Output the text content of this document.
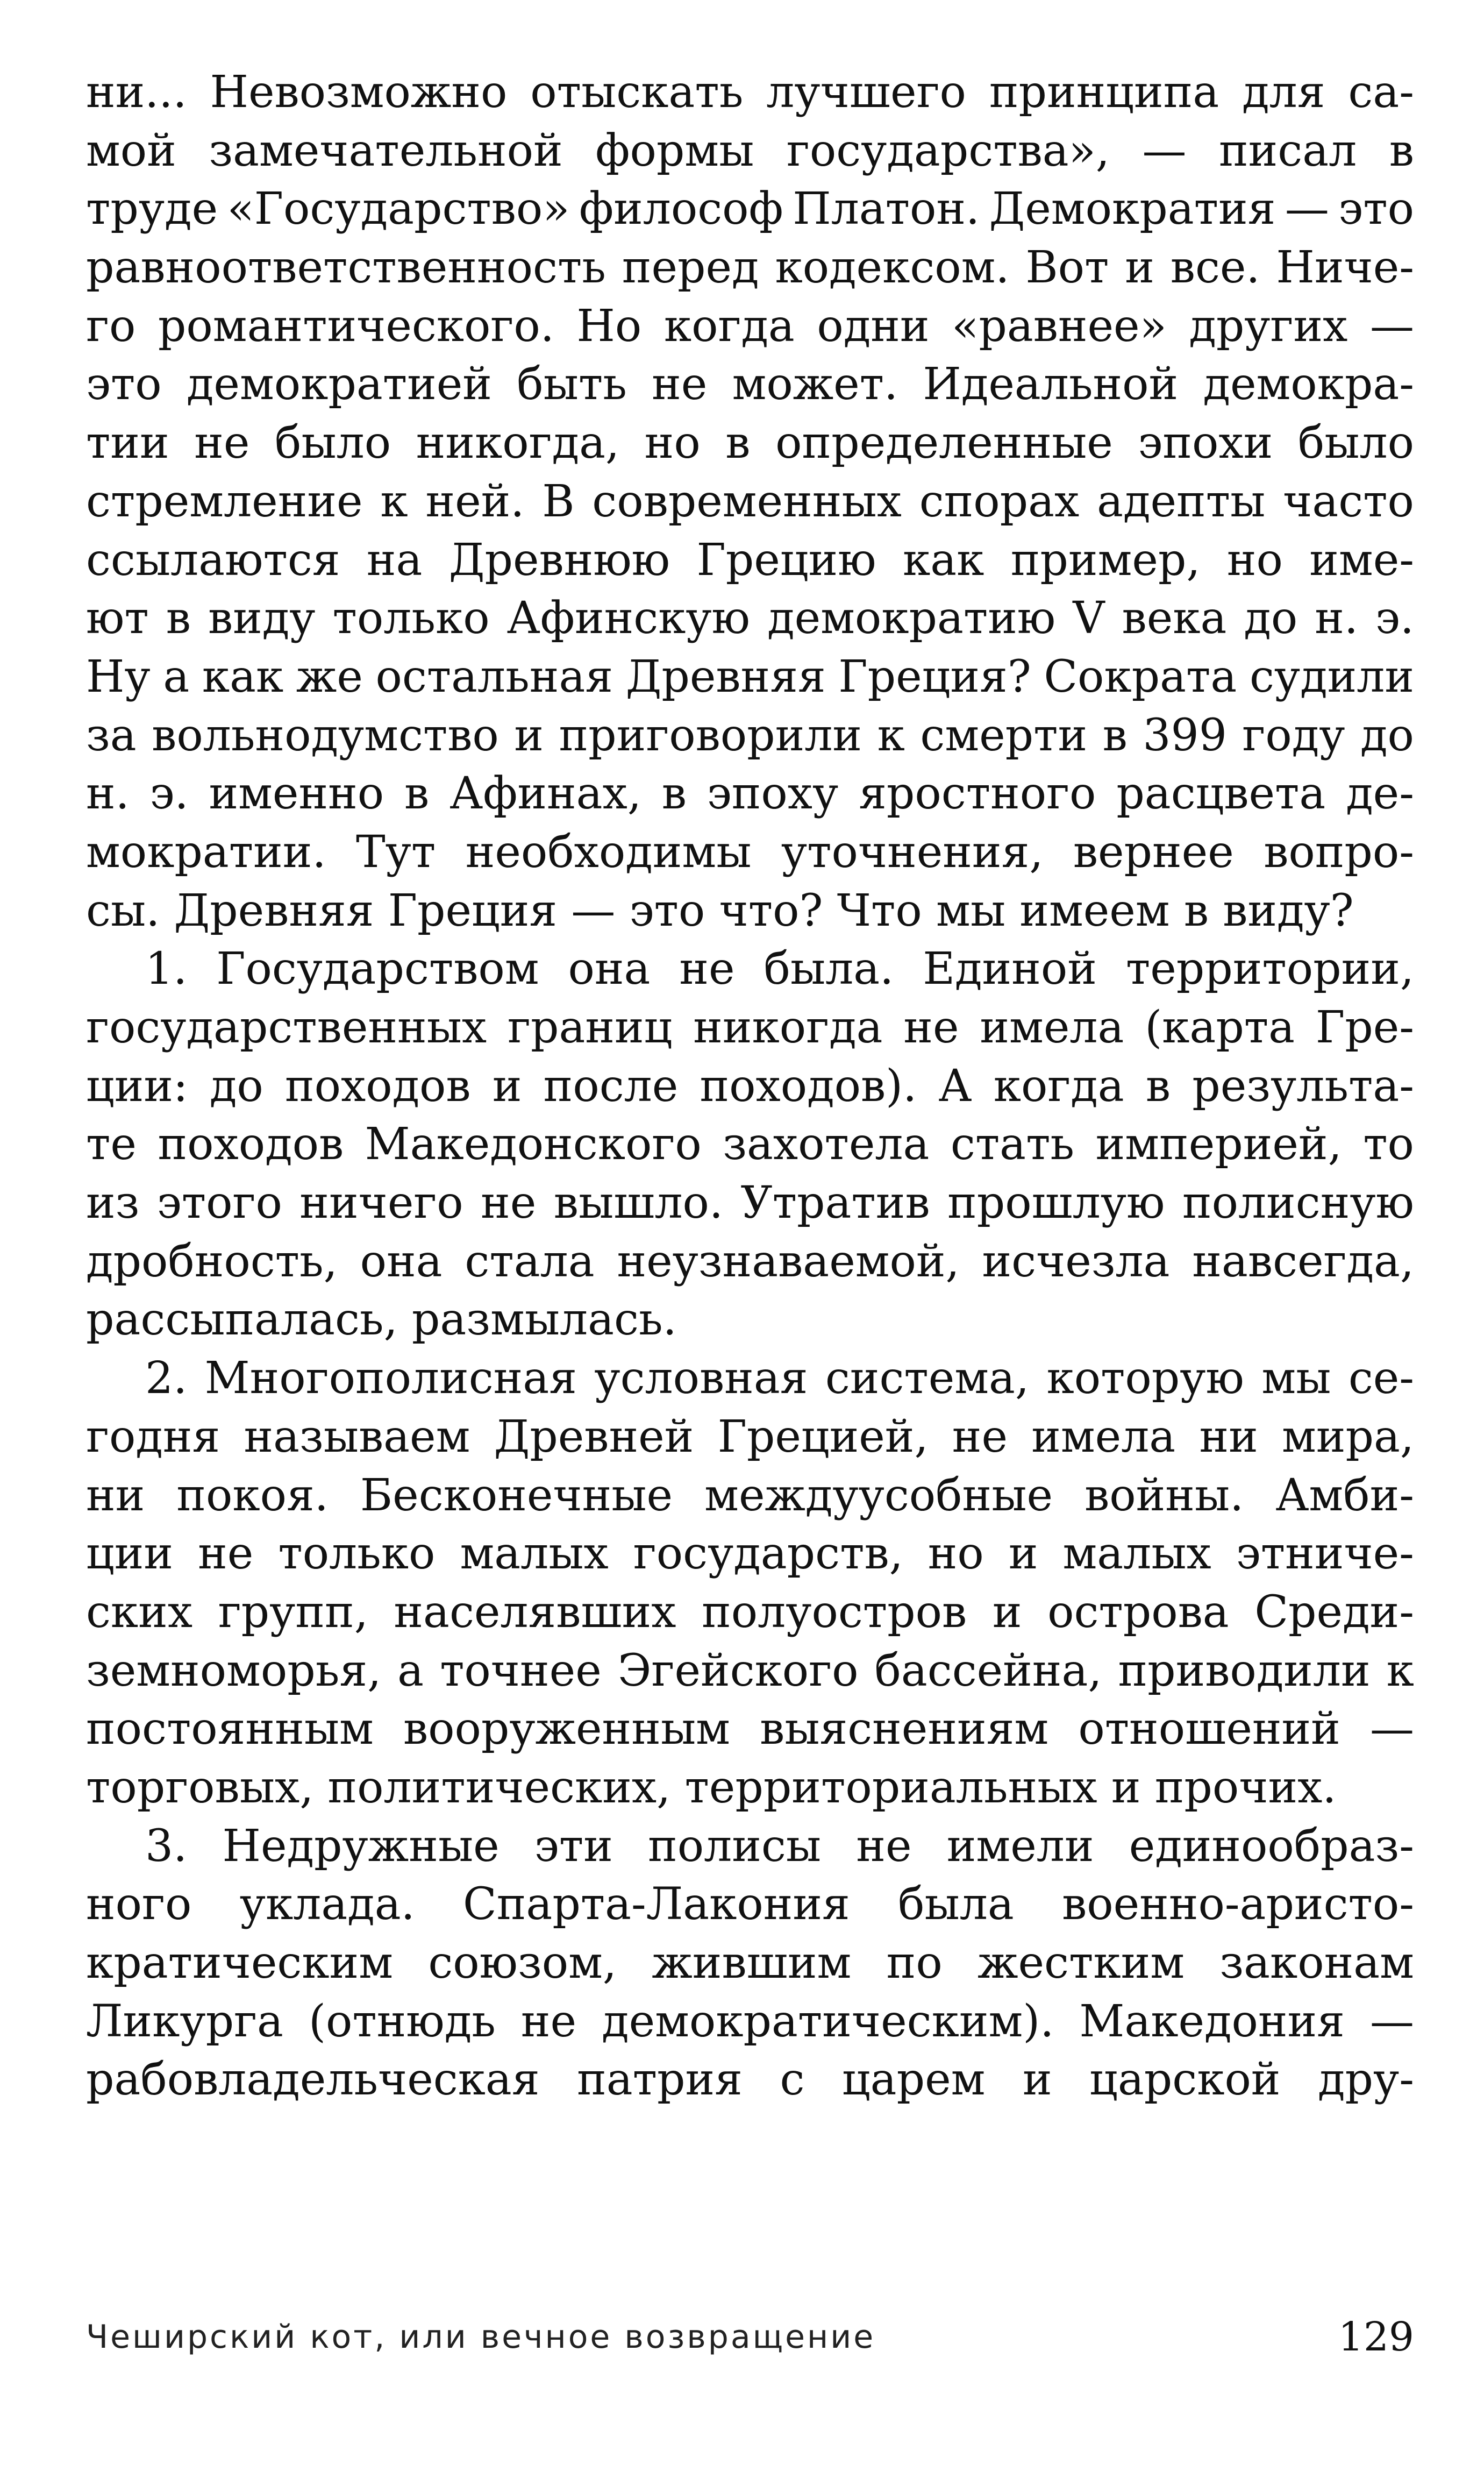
ни... Невозможно отыскать лучшего принципа для са-
мой замечательной формы государства», — писал в
труде «Государство» философ Платон. Демократия — это
равноответственность перед кодексом. Вот и все. Ниче-
го романтического. Но когда одни «равнее» других —
это демократией быть не может. Идеальной демокра-
тии не было никогда, но в определенные эпохи было
стремление к ней. В современных спорах адепты часто
ссылаются на Древнюю Грецию как пример, но име-
ют в виду только Афинскую демократию V века до н. э.
Ну а как же остальная Древняя Греция? Сократа судили
за вольнодумство и приговорили к смерти в 399 году до
н. э. именно в Афинах, в эпоху яростного расцвета де-
мократии. Тут необходимы уточнения, вернее вопро-
сы. Древняя Греция — это что? Что мы имеем в виду?
1. Государством она не была. Единой территории,
государственных границ никогда не имела (карта Гре-
ции: до походов и после походов). А когда в результа-
те походов Македонского захотела стать империей, то
из этого ничего не вышло. Утратив прошлую полисную
дробность, она стала неузнаваемой, исчезла навсегда,
рассыпалась, размылась.
2. Многополисная условная система, которую мы се-
годня называем Древней Грецией, не имела ни мира,
ни покоя. Бесконечные междуусобные войны. Амби-
ции не только малых государств, но и малых этниче-
ских групп, населявших полуостров и острова Среди-
земноморья, а точнее Эгейского бассейна, приводили к
постоянным вооруженным выяснениям отношений —
торговых, политических, территориальных и прочих.
3. Недружные эти полисы не имели единообраз-
ного уклада. Спарта-Лакония была военно-аристо-
кратическим союзом, жившим по жестким законам
Ликурга (отнюдь не демократическим). Македония —
рабовладельческая патрия с царем и царской дру-
Чеширский кот, или вечное возвращение	129
